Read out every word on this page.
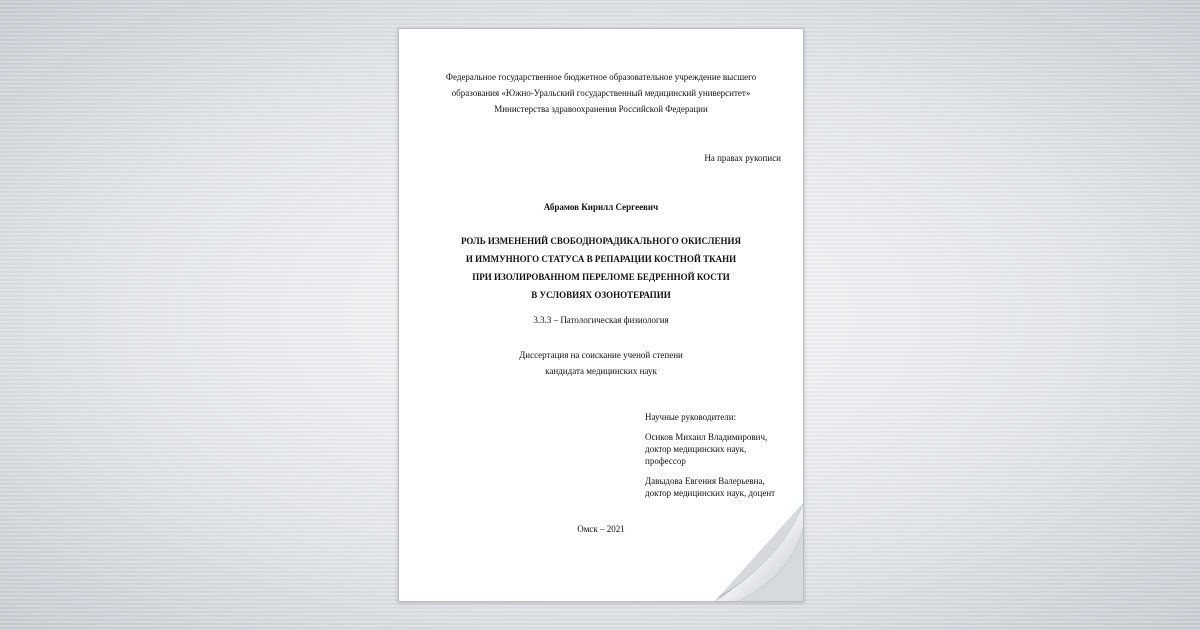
Федеральное государственное бюджетное образовательное учреждение высшего
образования «Южно-Уральский государственный медицинский университет»
Министерства здравоохранения Российской Федерации
На правах рукописи
Абрамов Кирилл Сергеевич
РОЛЬ ИЗМЕНЕНИЙ СВОБОДНОРАДИКАЛЬНОГО ОКИСЛЕНИЯ
И ИММУННОГО СТАТУСА В РЕПАРАЦИИ КОСТНОЙ ТКАНИ
ПРИ ИЗОЛИРОВАННОМ ПЕРЕЛОМЕ БЕДРЕННОЙ КОСТИ
В УСЛОВИЯХ ОЗОНОТЕРАПИИ
3.3.3 – Патологическая физиология
Диссертация на соискание ученой степени
кандидата медицинских наук
Научные руководители:
Осиков Михаил Владимирович,
доктор медицинских наук,
профессор
Давыдова Евгения Валерьевна,
доктор медицинских наук, доцент
Омск – 2021
